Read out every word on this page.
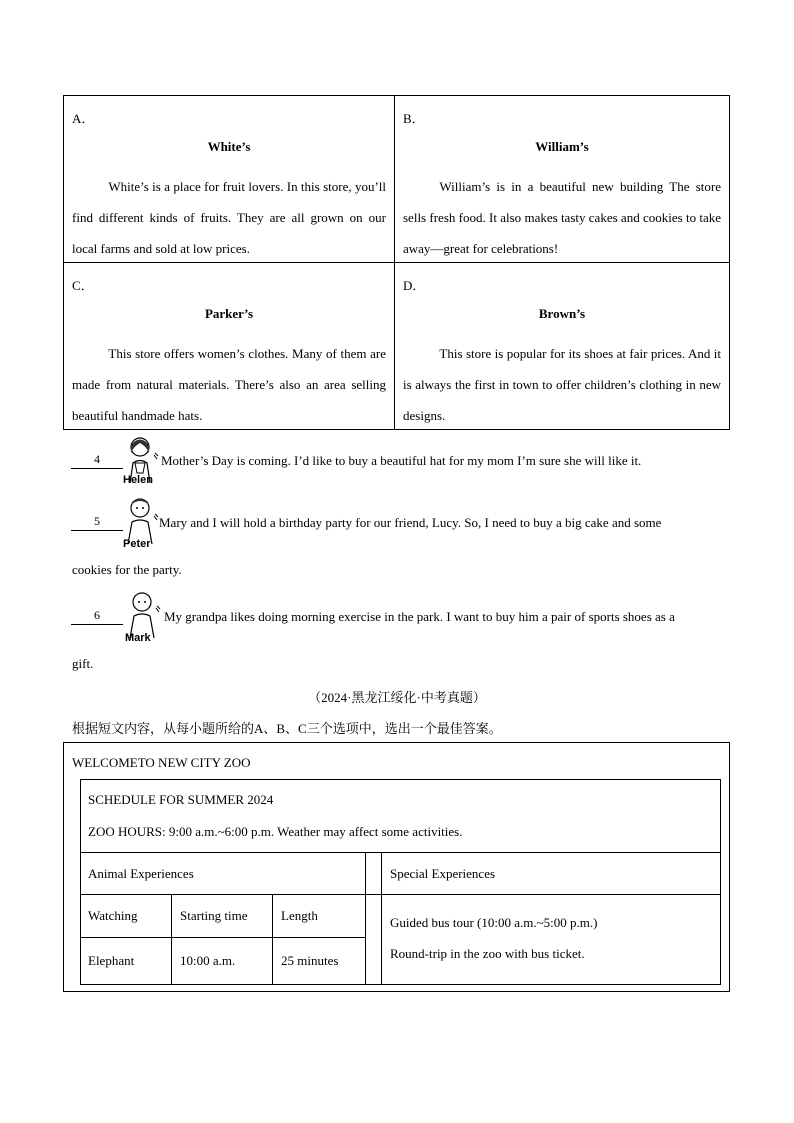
A．
White’s
White’s is a place for fruit lovers. In this store, you’ll find different kinds of fruits. They are all grown on our local farms and sold at low prices.
B．
William’s
William’s is in a beautiful new building The store sells fresh food. It also makes tasty cakes and cookies to take away—great for celebrations!
C．
Parker’s
This store offers women’s clothes. Many of them are made from natural materials. There’s also an area selling beautiful handmade hats.
D．
Brown’s
This store is popular for its shoes at fair prices. And it is always the first in town to offer children’s clothing in new designs.
4
Helen
Mother’s Day is coming. I’d like to buy a beautiful hat for my mom I’m sure she will like it.
5
Peter
Mary and I will hold a birthday party for our friend, Lucy. So, I need to buy a big cake and some
cookies for the party.
6
Mark
My grandpa likes doing morning exercise in the park. I want to buy him a pair of sports shoes as a
gift.
（2024·黑龙江绥化·中考真题）
根据短文内容，从每小题所给的A、B、C三个选项中，选出一个最佳答案。
WELCOMETO NEW CITY ZOO
SCHEDULE FOR SUMMER 2024
ZOO HOURS: 9:00 a.m.~6:00 p.m. Weather may affect some activities.
Animal Experiences	Special Experiences
Watching	Starting time	Length
Elephant	10:00 a.m.	25 minutes
Guided bus tour (10:00 a.m.~5:00 p.m.)
Round-trip in the zoo with bus ticket.
